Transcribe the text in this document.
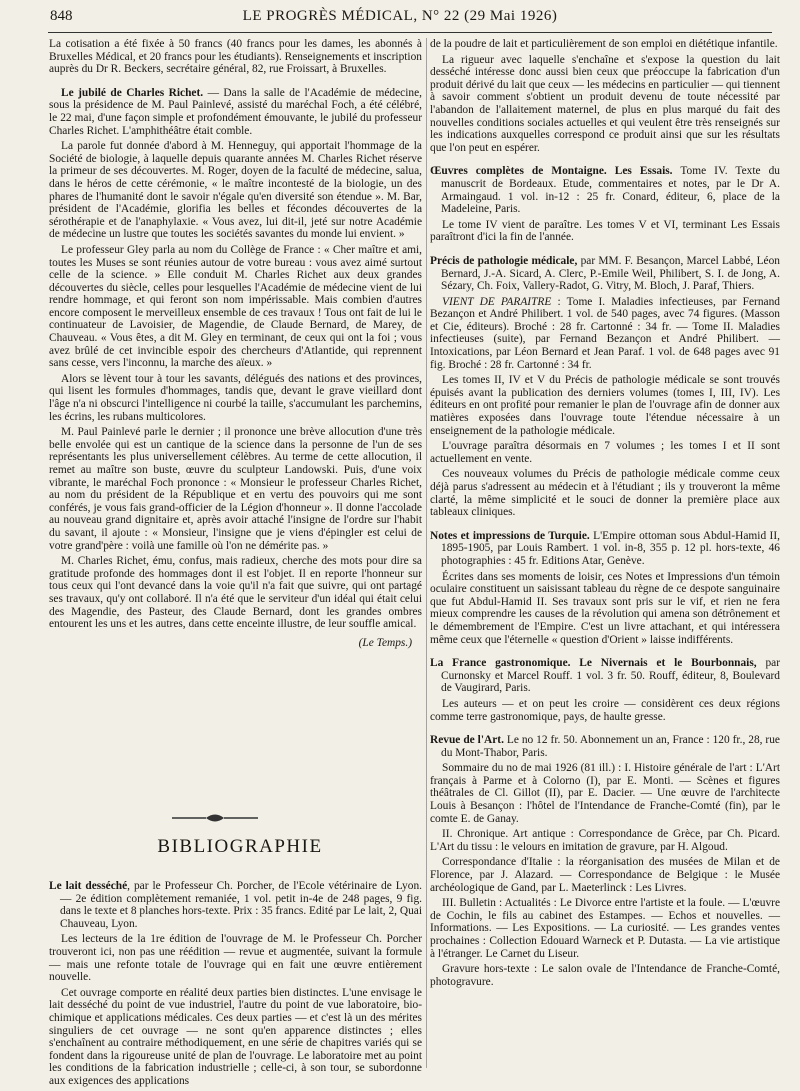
848	LE PROGRÈS MÉDICAL, N° 22 (29 Mai 1926)

La cotisation a été fixée à 50 francs (40 francs pour les dames, les abonnés à Bruxelles Médical, et 20 francs pour les étudiants). Renseignements et inscription auprès du Dr R. Beckers, secrétaire général, 82, rue Froissart, à Bruxelles.

Le jubilé de Charles Richet. — Dans la salle de l'Académie de médecine, sous la présidence de M. Paul Painlevé, assisté du maréchal Foch, a été célébré, le 22 mai, d'une façon simple et profondément émouvante, le jubilé du professeur Charles Richet. L'amphithéâtre était comble.

La parole fut donnée d'abord à M. Henneguy, qui apportait l'hommage de la Société de biologie, à laquelle depuis quarante années M. Charles Richet réserve la primeur de ses découvertes. M. Roger, doyen de la faculté de médecine, salua, dans le héros de cette cérémonie, « le maître incontesté de la biologie, un des phares de l'humanité dont le savoir n'égale qu'en diversité son étendue ». M. Bar, président de l'Académie, glorifia les belles et fécondes découvertes de la sérothérapie et de l'anaphylaxie. « Vous avez, lui dit-il, jeté sur notre Académie de médecine un lustre que toutes les sociétés savantes du monde lui envient. »

Le professeur Gley parla au nom du Collège de France : « Cher maître et ami, toutes les Muses se sont réunies autour de votre bureau : vous avez aimé surtout celle de la science. » Elle conduit M. Charles Richet aux deux grandes découvertes du siècle, celles pour lesquelles l'Académie de médecine vient de lui rendre hommage, et qui feront son nom impérissable. Mais combien d'autres encore composent le merveilleux ensemble de ces travaux ! Tous ont fait de lui le continuateur de Lavoisier, de Magendie, de Claude Bernard, de Marey, de Chauveau. « Vous êtes, a dit M. Gley en terminant, de ceux qui ont la foi ; vous avez brûlé de cet invincible espoir des chercheurs d'Atlantide, qui reprennent sans cesse, vers l'inconnu, la marche des aïeux. »

Alors se lèvent tour à tour les savants, délégués des nations et des provinces, qui lisent les formules d'hommages, tandis que, devant le grave vieillard dont l'âge n'a ni obscurci l'intelligence ni courbé la taille, s'accumulant les parchemins, les écrins, les rubans multicolores.

M. Paul Painlevé parle le dernier ; il prononce une brève allocution d'une très belle envolée qui est un cantique de la science dans la personne de l'un de ses représentants les plus universellement célèbres. Au terme de cette allocution, il remet au maître son buste, œuvre du sculpteur Landowski. Puis, d'une voix vibrante, le maréchal Foch prononce : « Monsieur le professeur Charles Richet, au nom du président de la République et en vertu des pouvoirs qui me sont conférés, je vous fais grand-officier de la Légion d'honneur ». Il donne l'accolade au nouveau grand dignitaire et, après avoir attaché l'insigne de l'ordre sur l'habit du savant, il ajoute : « Monsieur, l'insigne que je viens d'épingler est celui de votre grand'père : voilà une famille où l'on ne démérite pas. »

M. Charles Richet, ému, confus, mais radieux, cherche des mots pour dire sa gratitude profonde des hommages dont il est l'objet. Il en reporte l'honneur sur tous ceux qui l'ont devancé dans la voie qu'il n'a fait que suivre, qui ont partagé ses travaux, qu'y ont collaboré. Il n'a été que le serviteur d'un idéal qui était celui des Magendie, des Pasteur, des Claude Bernard, dont les grandes ombres entourent les uns et les autres, dans cette enceinte illustre, de leur souffle amical.

(Le Temps.)
BIBLIOGRAPHIE

Le lait desséché, par le Professeur Ch. Porcher, de l'Ecole vétérinaire de Lyon. — 2e édition complètement remaniée, 1 vol. petit in-4e de 248 pages, 9 fig. dans le texte et 8 planches hors-texte. Prix : 35 francs. Edité par Le lait, 2, Quai Chauveau, Lyon.

Les lecteurs de la 1re édition de l'ouvrage de M. le Professeur Ch. Porcher trouveront ici, non pas une réédition — revue et augmentée, suivant la formule — mais une refonte totale de l'ouvrage qui en fait une œuvre entièrement nouvelle.

Cet ouvrage comporte en réalité deux parties bien distinctes. L'une envisage le lait desséché du point de vue industriel, l'autre du point de vue laboratoire, bio-chimique et applications médicales. Ces deux parties — et c'est là un des mérites singuliers de cet ouvrage — ne sont qu'en apparence distinctes ; elles s'enchaînent au contraire méthodiquement, en une série de chapitres variés qui se fondent dans la rigoureuse unité de plan de l'ouvrage. Le laboratoire met au point les conditions de la fabrication industrielle ; celle-ci, à son tour, se subordonne aux exigences des applications

de la poudre de lait et particulièrement de son emploi en diététique infantile.

La rigueur avec laquelle s'enchaîne et s'expose la question du lait desséché intéresse donc aussi bien ceux que préoccupe la fabrication d'un produit dérivé du lait que ceux — les médecins en particulier — qui tiennent à savoir comment s'obtient un produit devenu de toute nécessité par l'abandon de l'allaitement maternel, de plus en plus marqué du fait des nouvelles conditions sociales actuelles et qui veulent être très renseignés sur les indications auxquelles correspond ce produit ainsi que sur les résultats que l'on peut en espérer.

Œuvres complètes de Montaigne. Les Essais. Tome IV. Texte du manuscrit de Bordeaux. Etude, commentaires et notes, par le Dr A. Armaingaud. 1 vol. in-12 : 25 fr. Conard, éditeur, 6, place de la Madeleine, Paris.

Le tome IV vient de paraître. Les tomes V et VI, terminant Les Essais paraîtront d'ici la fin de l'année.

Précis de pathologie médicale, par MM. F. Besançon, Marcel Labbé, Léon Bernard, J.-A. Sicard, A. Clerc, P.-Emile Weil, Philibert, S. I. de Jong, A. Sézary, Ch. Foix, Vallery-Radot, G. Vitry, M. Bloch, J. Paraf, Thiers.

VIENT DE PARAITRE : Tome I. Maladies infectieuses, par Fernand Bezançon et André Philibert. 1 vol. de 540 pages, avec 74 figures. (Masson et Cie, éditeurs). Broché : 28 fr. Cartonné : 34 fr. — Tome II. Maladies infectieuses (suite), par Fernand Bezançon et André Philibert. — Intoxications, par Léon Bernard et Jean Paraf. 1 vol. de 648 pages avec 91 fig. Broché : 28 fr. Cartonné : 34 fr.

Les tomes II, IV et V du Précis de pathologie médicale se sont trouvés épuisés avant la publication des derniers volumes (tomes I, III, IV). Les éditeurs en ont profité pour remanier le plan de l'ouvrage afin de donner aux matières exposées dans l'ouvrage toute l'étendue nécessaire à un enseignement de la pathologie médicale.

L'ouvrage paraîtra désormais en 7 volumes ; les tomes I et II sont actuellement en vente.

Ces nouveaux volumes du Précis de pathologie médicale comme ceux déjà parus s'adressent au médecin et à l'étudiant ; ils y trouveront la même clarté, la même simplicité et le souci de donner la première place aux tableaux cliniques.

Notes et impressions de Turquie. L'Empire ottoman sous Abdul-Hamid II, 1895-1905, par Louis Rambert. 1 vol. in-8, 355 p. 12 pl. hors-texte, 46 photographies : 45 fr. Editions Atar, Genève.

Écrites dans ses moments de loisir, ces Notes et Impressions d'un témoin oculaire constituent un saisissant tableau du règne de ce despote sanguinaire que fut Abdul-Hamid II. Ses travaux sont pris sur le vif, et rien ne fera mieux comprendre les causes de la révolution qui amena son détrônement et le démembrement de l'Empire. C'est un livre attachant, et qui intéressera même ceux que l'éternelle « question d'Orient » laisse indifférents.

La France gastronomique. Le Nivernais et le Bourbonnais, par Curnonsky et Marcel Rouff. 1 vol. 3 fr. 50. Rouff, éditeur, 8, Boulevard de Vaugirard, Paris.

Les auteurs — et on peut les croire — considèrent ces deux régions comme terre gastronomique, pays, de haulte gresse.

Revue de l'Art. Le no 12 fr. 50. Abonnement un an, France : 120 fr., 28, rue du Mont-Thabor, Paris.

Sommaire du no de mai 1926 (81 ill.) : I. Histoire générale de l'art : L'Art français à Parme et à Colorno (I), par E. Monti. — Scènes et figures théâtrales de Cl. Gillot (II), par E. Dacier. — Une œuvre de l'architecte Louis à Besançon : l'hôtel de l'Intendance de Franche-Comté (fin), par le comte E. de Ganay.

II. Chronique. Art antique : Correspondance de Grèce, par Ch. Picard. L'Art du tissu : le velours en imitation de gravure, par H. Algoud.

Correspondance d'Italie : la réorganisation des musées de Milan et de Florence, par J. Alazard. — Correspondance de Belgique : le Musée archéologique de Gand, par L. Maeterlinck : Les Livres.

III. Bulletin : Actualités : Le Divorce entre l'artiste et la foule. — L'œuvre de Cochin, le fils au cabinet des Estampes. — Echos et nouvelles. — Informations. — Les Expositions. — La curiosité. — Les grandes ventes prochaines : Collection Edouard Warneck et P. Dutasta. — La vie artistique à l'étranger. Le Carnet du Liseur.

Gravure hors-texte : Le salon ovale de l'Intendance de Franche-Comté, photogravure.
